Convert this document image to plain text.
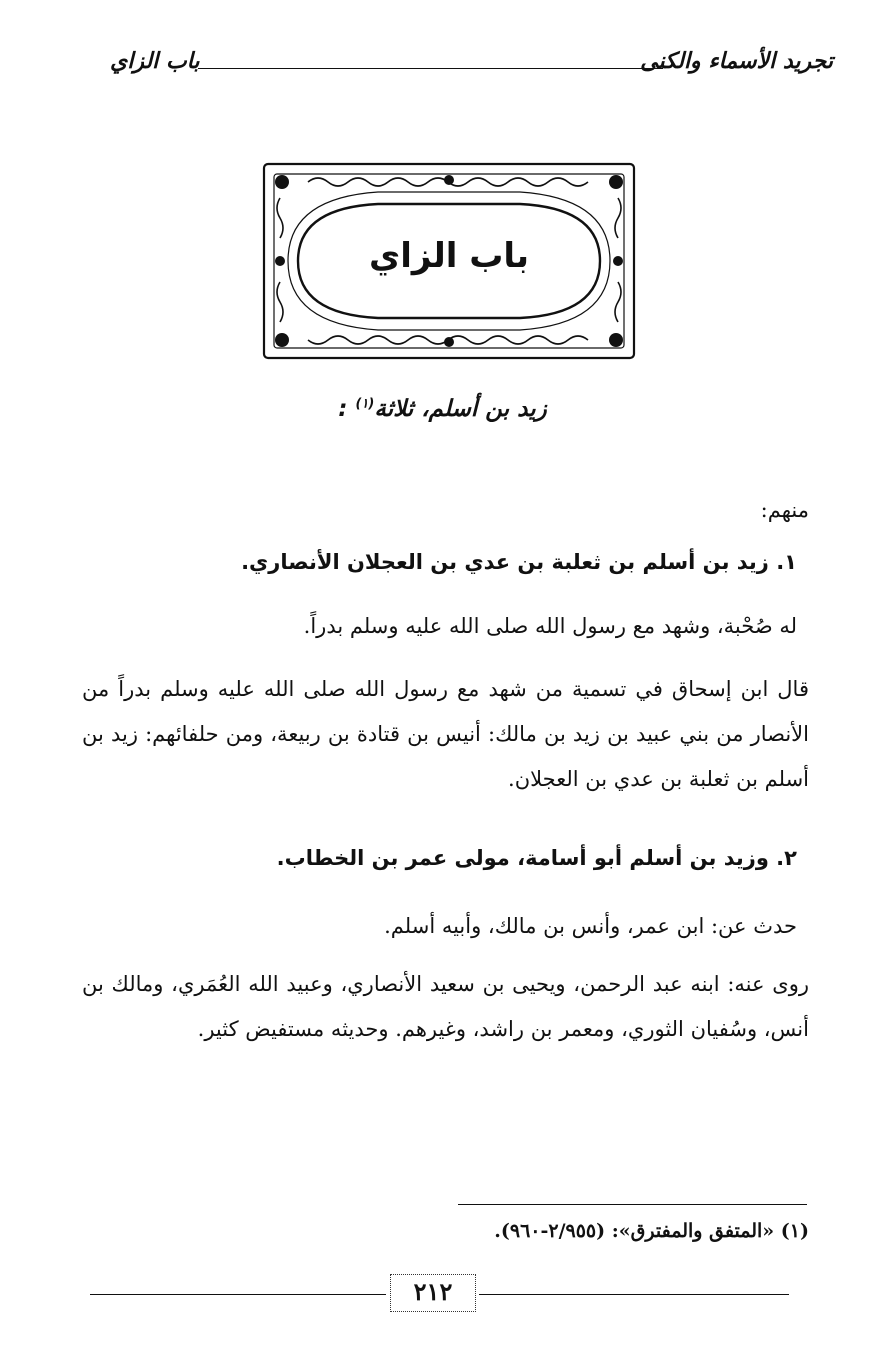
تجريد الأسماء والكنى
باب الزاي
باب الزاي
زيد بن أسلم، ثلاثة$^{(١)}$ :

منهم:

١. زيد بن أسلم بن ثعلبة بن عدي بن العجلان الأنصاري.

له صُحْبة، وشهد مع رسول الله صلى الله عليه وسلم بدراً.

قال ابن إسحاق في تسمية من شهد مع رسول الله صلى الله عليه وسلم بدراً من الأنصار من بني عبيد بن زيد بن مالك: أنيس بن قتادة بن ربيعة، ومن حلفائهم: زيد بن أسلم بن ثعلبة بن عدي بن العجلان.

٢. وزيد بن أسلم أبو أسامة، مولى عمر بن الخطاب.

حدث عن: ابن عمر، وأنس بن مالك، وأبيه أسلم.

روى عنه: ابنه عبد الرحمن، ويحيى بن سعيد الأنصاري، وعبيد الله العُمَري، ومالك بن أنس، وسُفيان الثوري، ومعمر بن راشد، وغيرهم. وحديثه مستفيض كثير.

(١) «المتفق والمفترق»: (٢/٩٥٥-٩٦٠).
٢١٢
